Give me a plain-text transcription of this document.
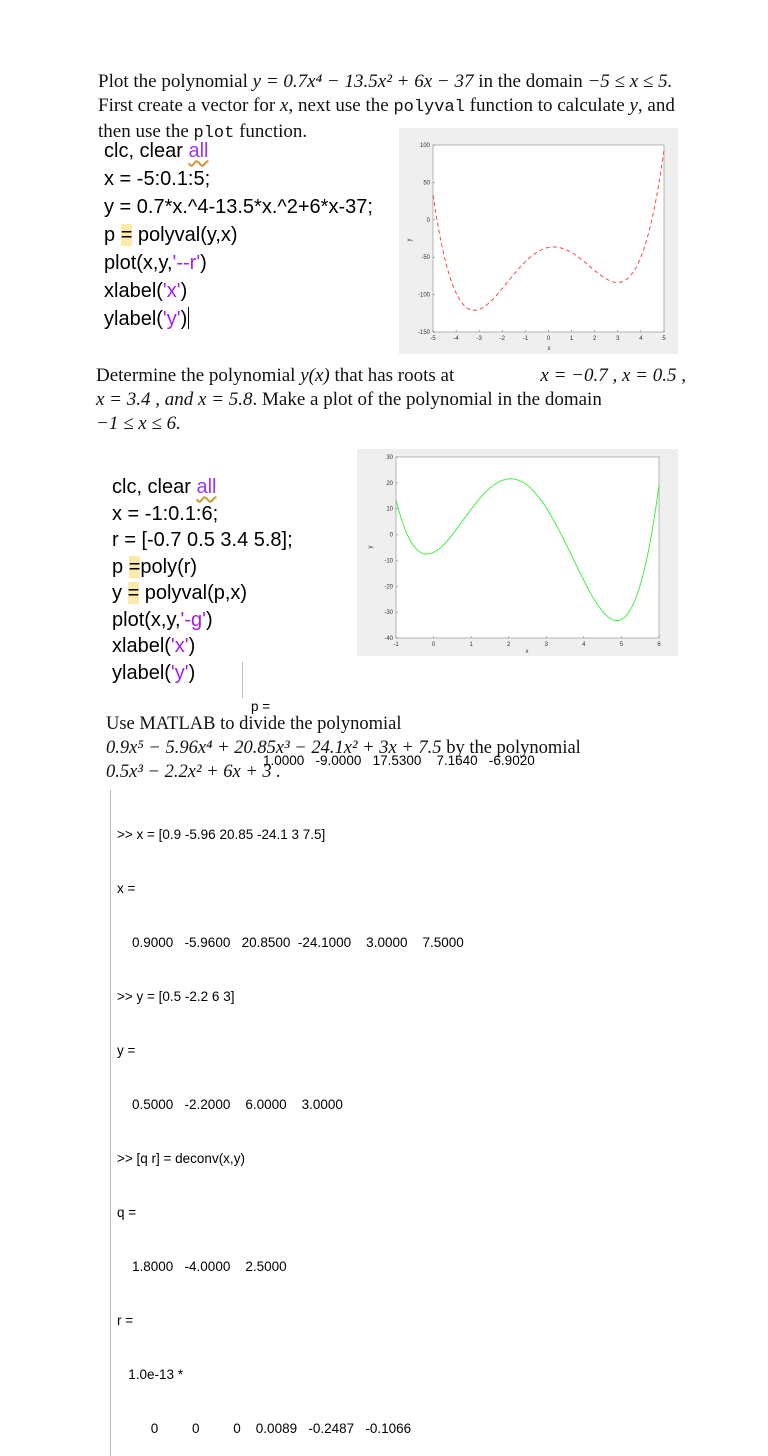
Plot the polynomial y = 0.7x⁴ − 13.5x² + 6x − 37 in the domain −5 ≤ x ≤ 5.
First create a vector for x, next use the polyval function to calculate y, and
then use the plot function.
clc, clear all
x = -5:0.1:5;
y = 0.7*x.^4-13.5*x.^2+6*x-37;
p = polyval(y,x)
plot(x,y,'--r')
xlabel('x')
ylabel('y')
-5	-4	-3	-2	-1	0	1	2	3	4	5
100
50
0
-50
-100
-150
x
y
Determine the polynomial y(x) that has roots at	x = −0.7 , x = 0.5 ,
x = 3.4 , and x = 5.8. Make a plot of the polynomial in the domain
−1 ≤ x ≤ 6.
clc, clear all
x = -1:0.1:6;
r = [-0.7 0.5 3.4 5.8];
p =poly(r)
y = polyval(p,x)
plot(x,y,'-g')
xlabel('x')
ylabel('y')
-1	0	1	2	3	4	5	6
30
20
10
0
-10
-20
-30
-40
x
y

p =

1.0000   -9.0000   17.5300    7.1640   -6.9020

Use MATLAB to divide the polynomial
0.9x⁵ − 5.96x⁴ + 20.85x³ − 24.1x² + 3x + 7.5 by the polynomial
0.5x³ − 2.2x² + 6x + 3 .

>> x = [0.9 -5.96 20.85 -24.1 3 7.5]

x =

0.9000   -5.9600   20.8500  -24.1000    3.0000    7.5000

>> y = [0.5 -2.2 6 3]

y =

0.5000   -2.2000    6.0000    3.0000

>> [q r] = deconv(x,y)

q =

1.8000   -4.0000    2.5000

r =

1.0e-13 *

0         0         0    0.0089   -0.2487   -0.1066
